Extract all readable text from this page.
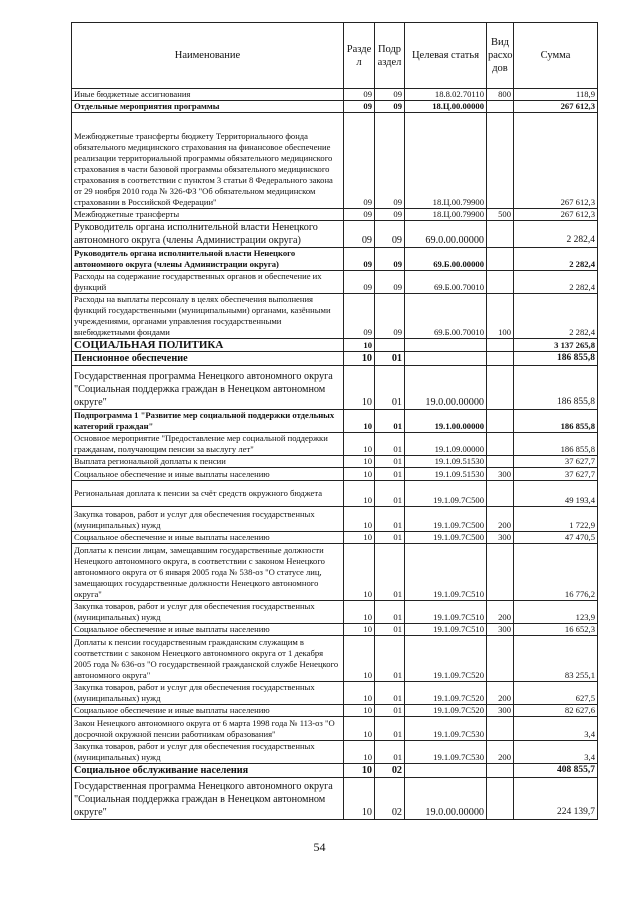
Наименование	Разде л	Подр аздел	Целевая статья	Вид расхо дов	Сумма
Иные бюджетные ассигнования	09	09	18.8.02.70110	800	118,9
Отдельные мероприятия программы	09	09	18.Ц.00.00000		267 612,3
Межбюджетные трансферты бюджету Территориального фонда обязательного медицинского страхования на финансовое обеспечение реализации территориальной программы обязательного медицинского страхования в части базовой программы обязательного медицинского страхования в соответствии с пунктом 3 статьи 8 Федерального закона от 29 ноября 2010 года № 326-ФЗ "Об обязательном медицинском страховании в Российской Федерации"	09	09	18.Ц.00.79900		267 612,3
Межбюджетные трансферты	09	09	18.Ц.00.79900	500	267 612,3
Руководитель органа исполнительной власти Ненецкого автономного округа (члены Администрации округа)	09	09	69.0.00.00000		2 282,4
Руководитель органа исполнительной власти Ненецкого автономного округа (члены Администрации округа)	09	09	69.Б.00.00000		2 282,4
Расходы на содержание государственных органов и обеспечение их функций	09	09	69.Б.00.70010		2 282,4
Расходы на выплаты персоналу в целях обеспечения выполнения функций государственными (муниципальными) органами, казёнными учреждениями, органами управления государственными внебюджетными фондами	09	09	69.Б.00.70010	100	2 282,4
СОЦИАЛЬНАЯ ПОЛИТИКА	10				3 137 265,8
Пенсионное обеспечение	10	01			186 855,8
Государственная программа Ненецкого автономного округа "Социальная поддержка граждан в Ненецком автономном округе"	10	01	19.0.00.00000		186 855,8
Подпрограмма 1 "Развитие мер социальной поддержки отдельных категорий граждан"	10	01	19.1.00.00000		186 855,8
Основное мероприятие "Предоставление мер социальной поддержки гражданам, получающим пенсии за выслугу лет"	10	01	19.1.09.00000		186 855,8
Выплата региональной доплаты к пенсии	10	01	19.1.09.51530		37 627,7
Социальное обеспечение и иные выплаты населению	10	01	19.1.09.51530	300	37 627,7
Региональная доплата к пенсии за счёт средств окружного бюджета	10	01	19.1.09.7С500		49 193,4
Закупка товаров, работ и услуг для обеспечения государственных (муниципальных) нужд	10	01	19.1.09.7С500	200	1 722,9
Социальное обеспечение и иные выплаты населению	10	01	19.1.09.7С500	300	47 470,5
Доплаты к пенсии лицам, замещавшим государственные должности Ненецкого автономного округа, в соответствии с законом Ненецкого автономного округа от 6 января 2005 года № 538-оз "О статусе лиц, замещающих государственные должности Ненецкого автономного округа"	10	01	19.1.09.7С510		16 776,2
Закупка товаров, работ и услуг для обеспечения государственных (муниципальных) нужд	10	01	19.1.09.7С510	200	123,9
Социальное обеспечение и иные выплаты населению	10	01	19.1.09.7С510	300	16 652,3
Доплаты к пенсии государственным гражданским служащим в соответствии с законом Ненецкого автономного округа от 1 декабря 2005 года № 636-оз "О государственной гражданской службе Ненецкого автономного округа"	10	01	19.1.09.7С520		83 255,1
Закупка товаров, работ и услуг для обеспечения государственных (муниципальных) нужд	10	01	19.1.09.7С520	200	627,5
Социальное обеспечение и иные выплаты населению	10	01	19.1.09.7С520	300	82 627,6
Закон Ненецкого автономного округа от 6 марта 1998 года № 113-оз "О досрочной окружной пенсии работникам образования"	10	01	19.1.09.7С530		3,4
Закупка товаров, работ и услуг для обеспечения государственных (муниципальных) нужд	10	01	19.1.09.7С530	200	3,4
Социальное обслуживание населения	10	02			408 855,7
Государственная программа Ненецкого автономного округа "Социальная поддержка граждан в Ненецком автономном округе"	10	02	19.0.00.00000		224 139,7
54
